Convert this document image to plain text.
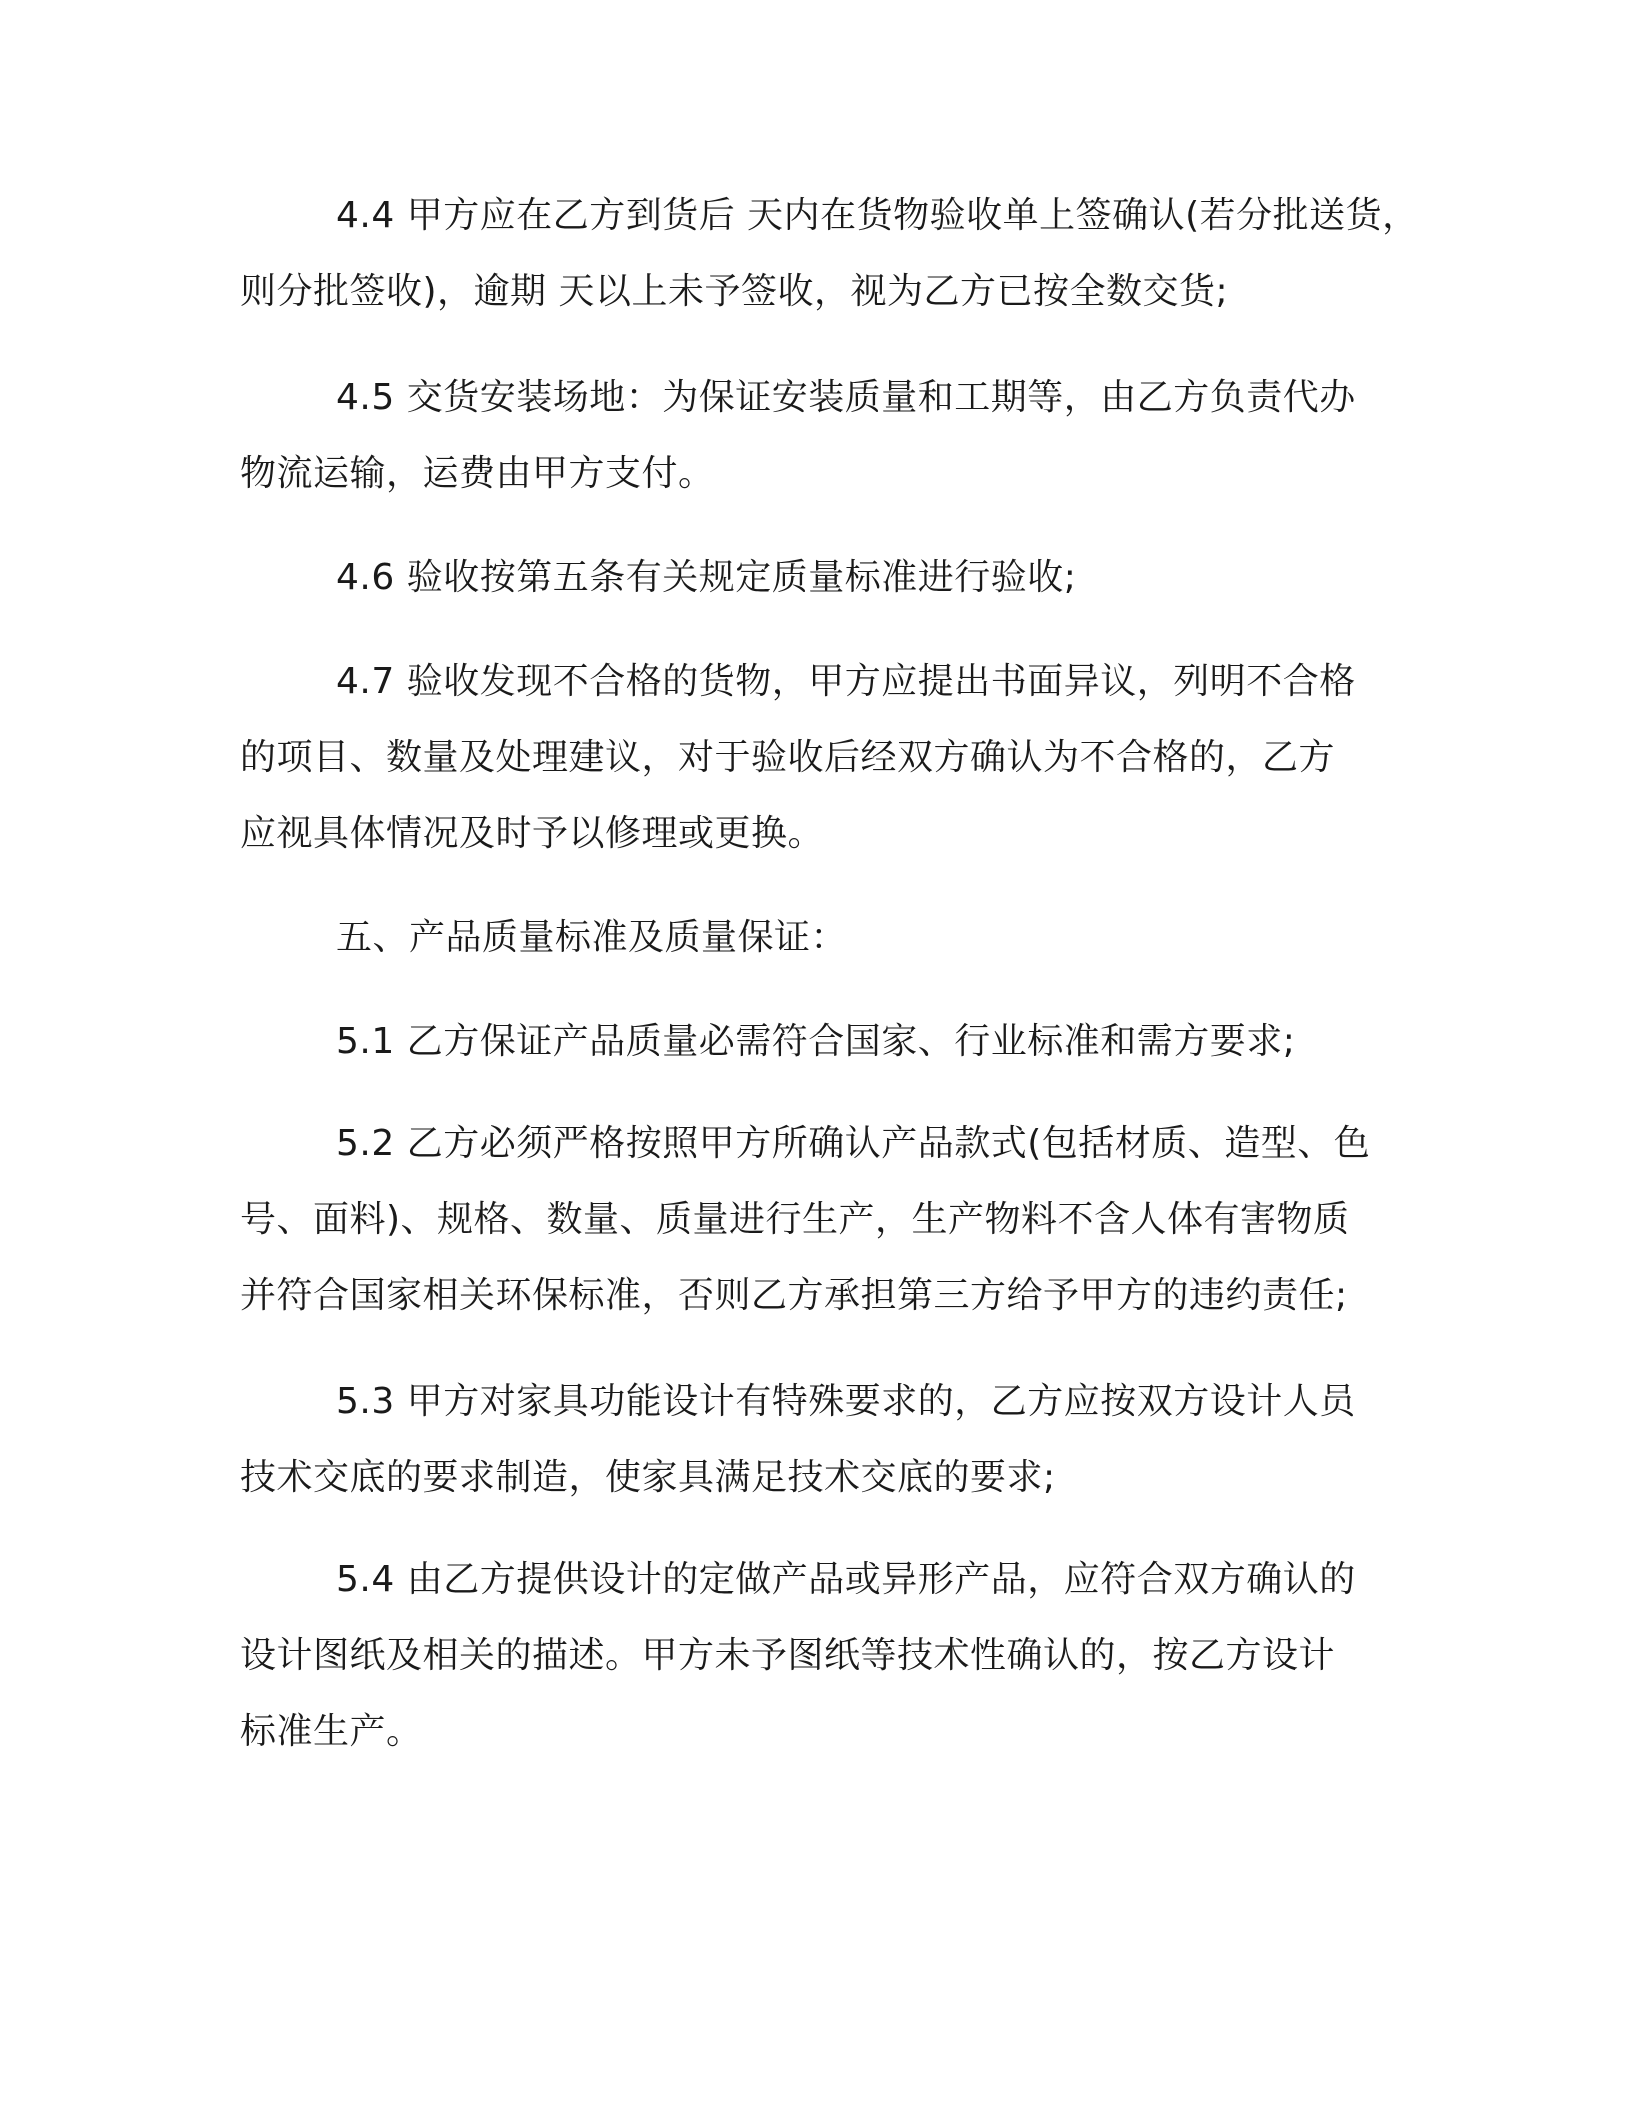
4.4 甲方应在乙方到货后 天内在货物验收单上签确认(若分批送货，
则分批签收)，逾期 天以上未予签收，视为乙方已按全数交货;
4.5 交货安装场地：为保证安装质量和工期等，由乙方负责代办
物流运输，运费由甲方支付。
4.6 验收按第五条有关规定质量标准进行验收;
4.7 验收发现不合格的货物，甲方应提出书面异议，列明不合格
的项目、数量及处理建议，对于验收后经双方确认为不合格的，乙方
应视具体情况及时予以修理或更换。
五、产品质量标准及质量保证：
5.1 乙方保证产品质量必需符合国家、行业标准和需方要求;
5.2 乙方必须严格按照甲方所确认产品款式(包括材质、造型、色
号、面料)、规格、数量、质量进行生产，生产物料不含人体有害物质
并符合国家相关环保标准，否则乙方承担第三方给予甲方的违约责任;
5.3 甲方对家具功能设计有特殊要求的，乙方应按双方设计人员
技术交底的要求制造，使家具满足技术交底的要求;
5.4 由乙方提供设计的定做产品或异形产品，应符合双方确认的
设计图纸及相关的描述。甲方未予图纸等技术性确认的，按乙方设计
标准生产。
